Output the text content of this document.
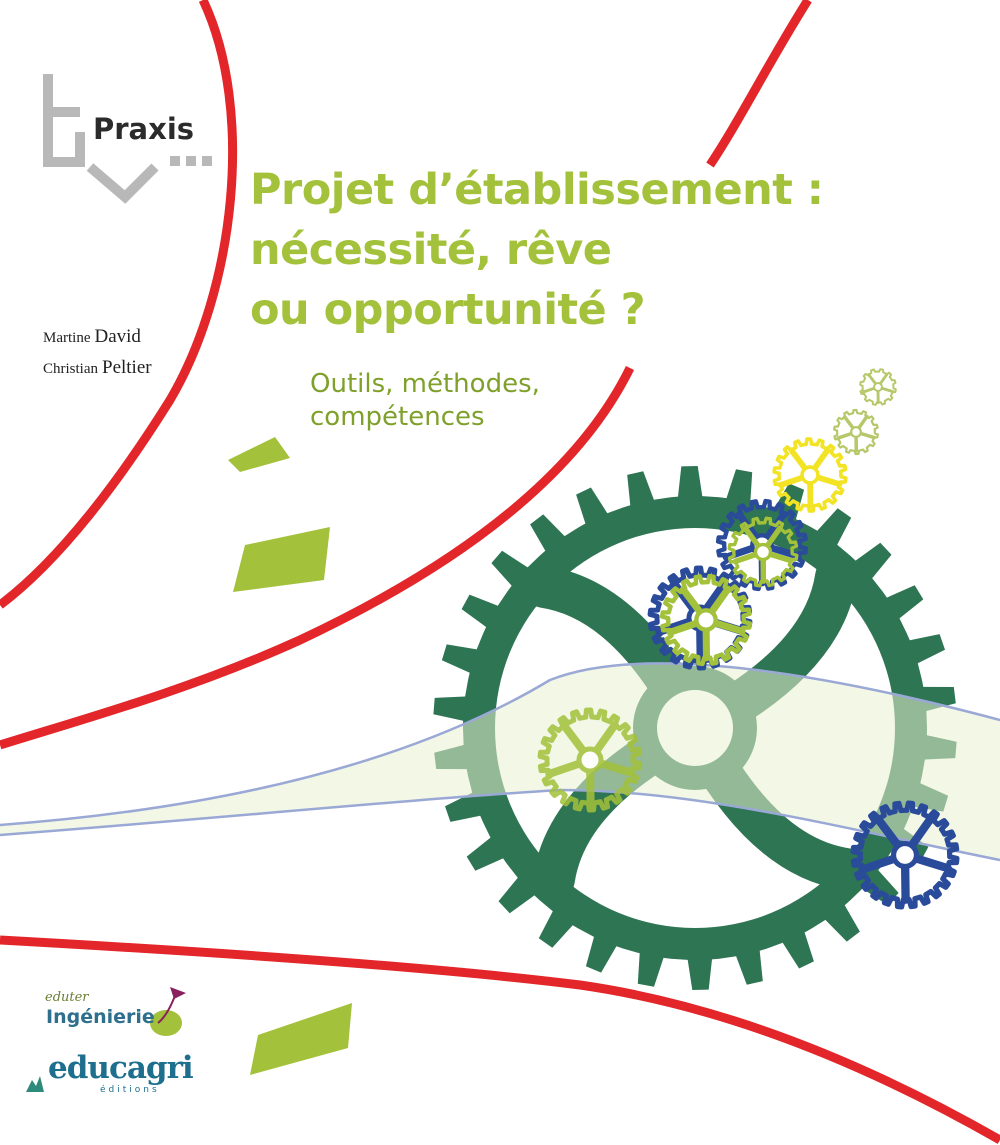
Praxis
Projet d’établissement :
nécessité, rêve
ou opportunité ?

Outils, méthodes,
compétences

Martine David
Christian Peltier
eduter
Ingénierie
educagri
éditions
